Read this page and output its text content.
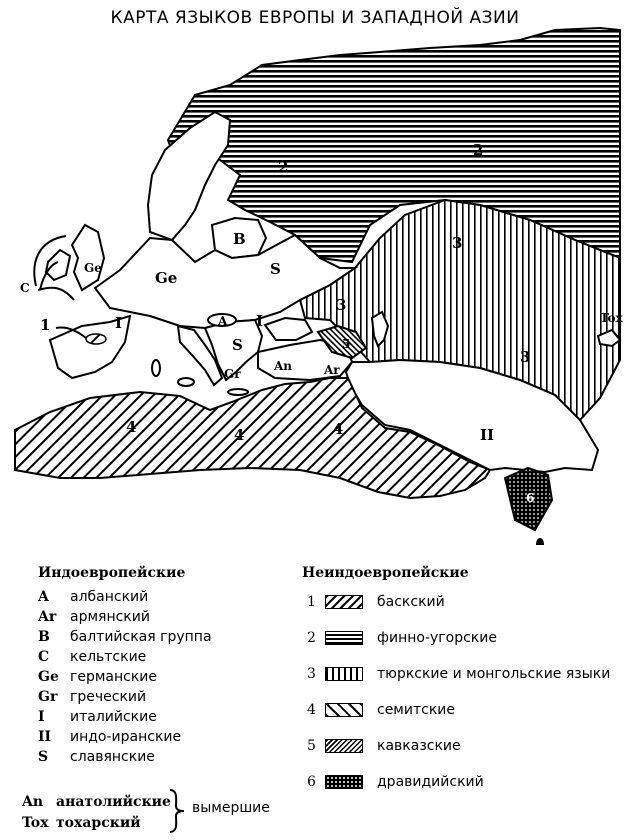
КАРТА ЯЗЫКОВ ЕВРОПЫ И ЗАПАДНОЙ АЗИИ
C
Ge
Ge
B
S
I	I
S
A
Gr
An	Ar
II
Tox
1
2
2
3
3
3
4	4	4
5
6
Индоевропейские
A	албанский
Ar армянский
B	балтийская группа
C	кельтские
Ge германские
Gr греческий
I	италийские
II	индо-иранские
S	славянские
An анатолийские
Tox тохарский
вымершие
Неиндоевропейские
1	баскский
2	финно-угорские
3	тюркские и монгольские языки
4	семитские
5	кавказские
6	дравидийский
